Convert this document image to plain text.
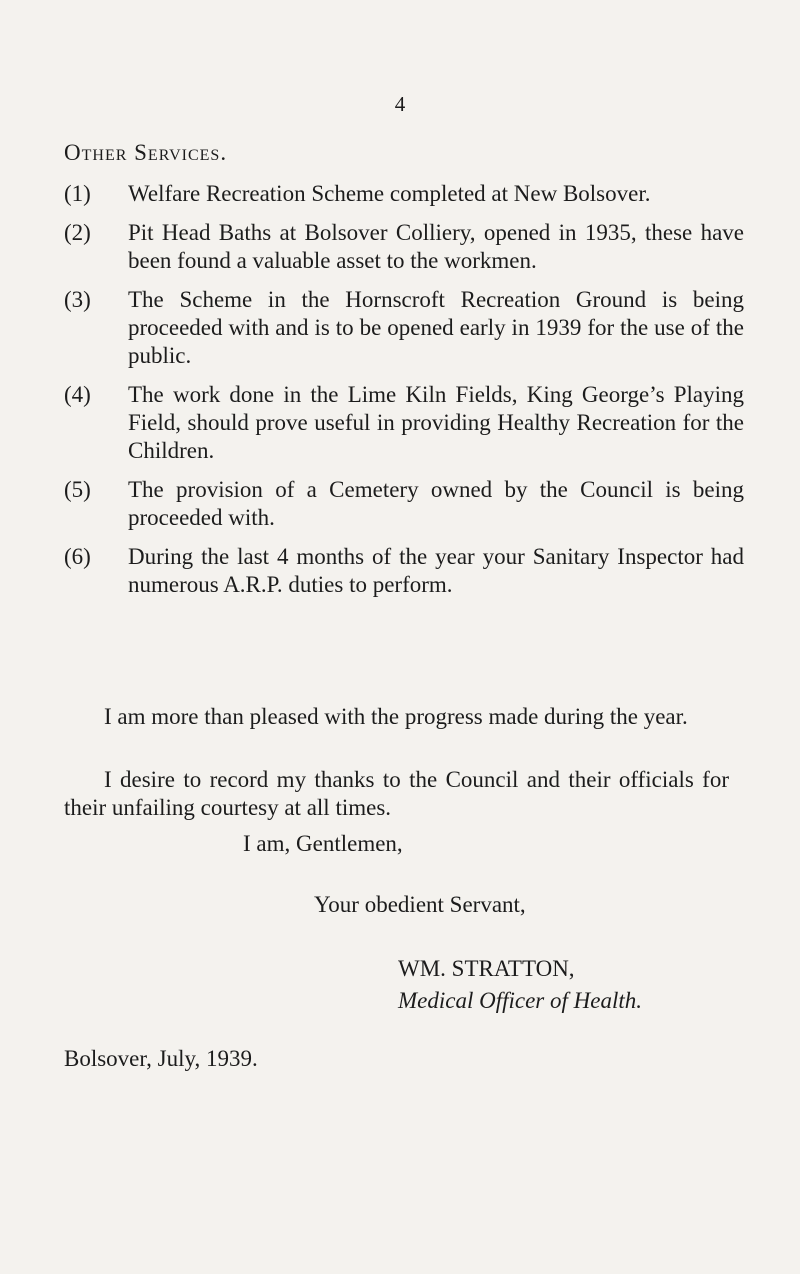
4
Other Services.
(1) Welfare Recreation Scheme completed at New Bolsover.
(2) Pit Head Baths at Bolsover Colliery, opened in 1935, these have been found a valuable asset to the workmen.
(3) The Scheme in the Hornscroft Recreation Ground is being proceeded with and is to be opened early in 1939 for the use of the public.
(4) The work done in the Lime Kiln Fields, King George’s Playing Field, should prove useful in providing Healthy Recreation for the Children.
(5) The provision of a Cemetery owned by the Council is being proceeded with.
(6) During the last 4 months of the year your Sanitary Inspector had numerous A.R.P. duties to perform.
I am more than pleased with the progress made during the year.
I desire to record my thanks to the Council and their officials for their unfailing courtesy at all times.
I am, Gentlemen,
Your obedient Servant,
WM. STRATTON,
Medical Officer of Health.
Bolsover, July, 1939.
